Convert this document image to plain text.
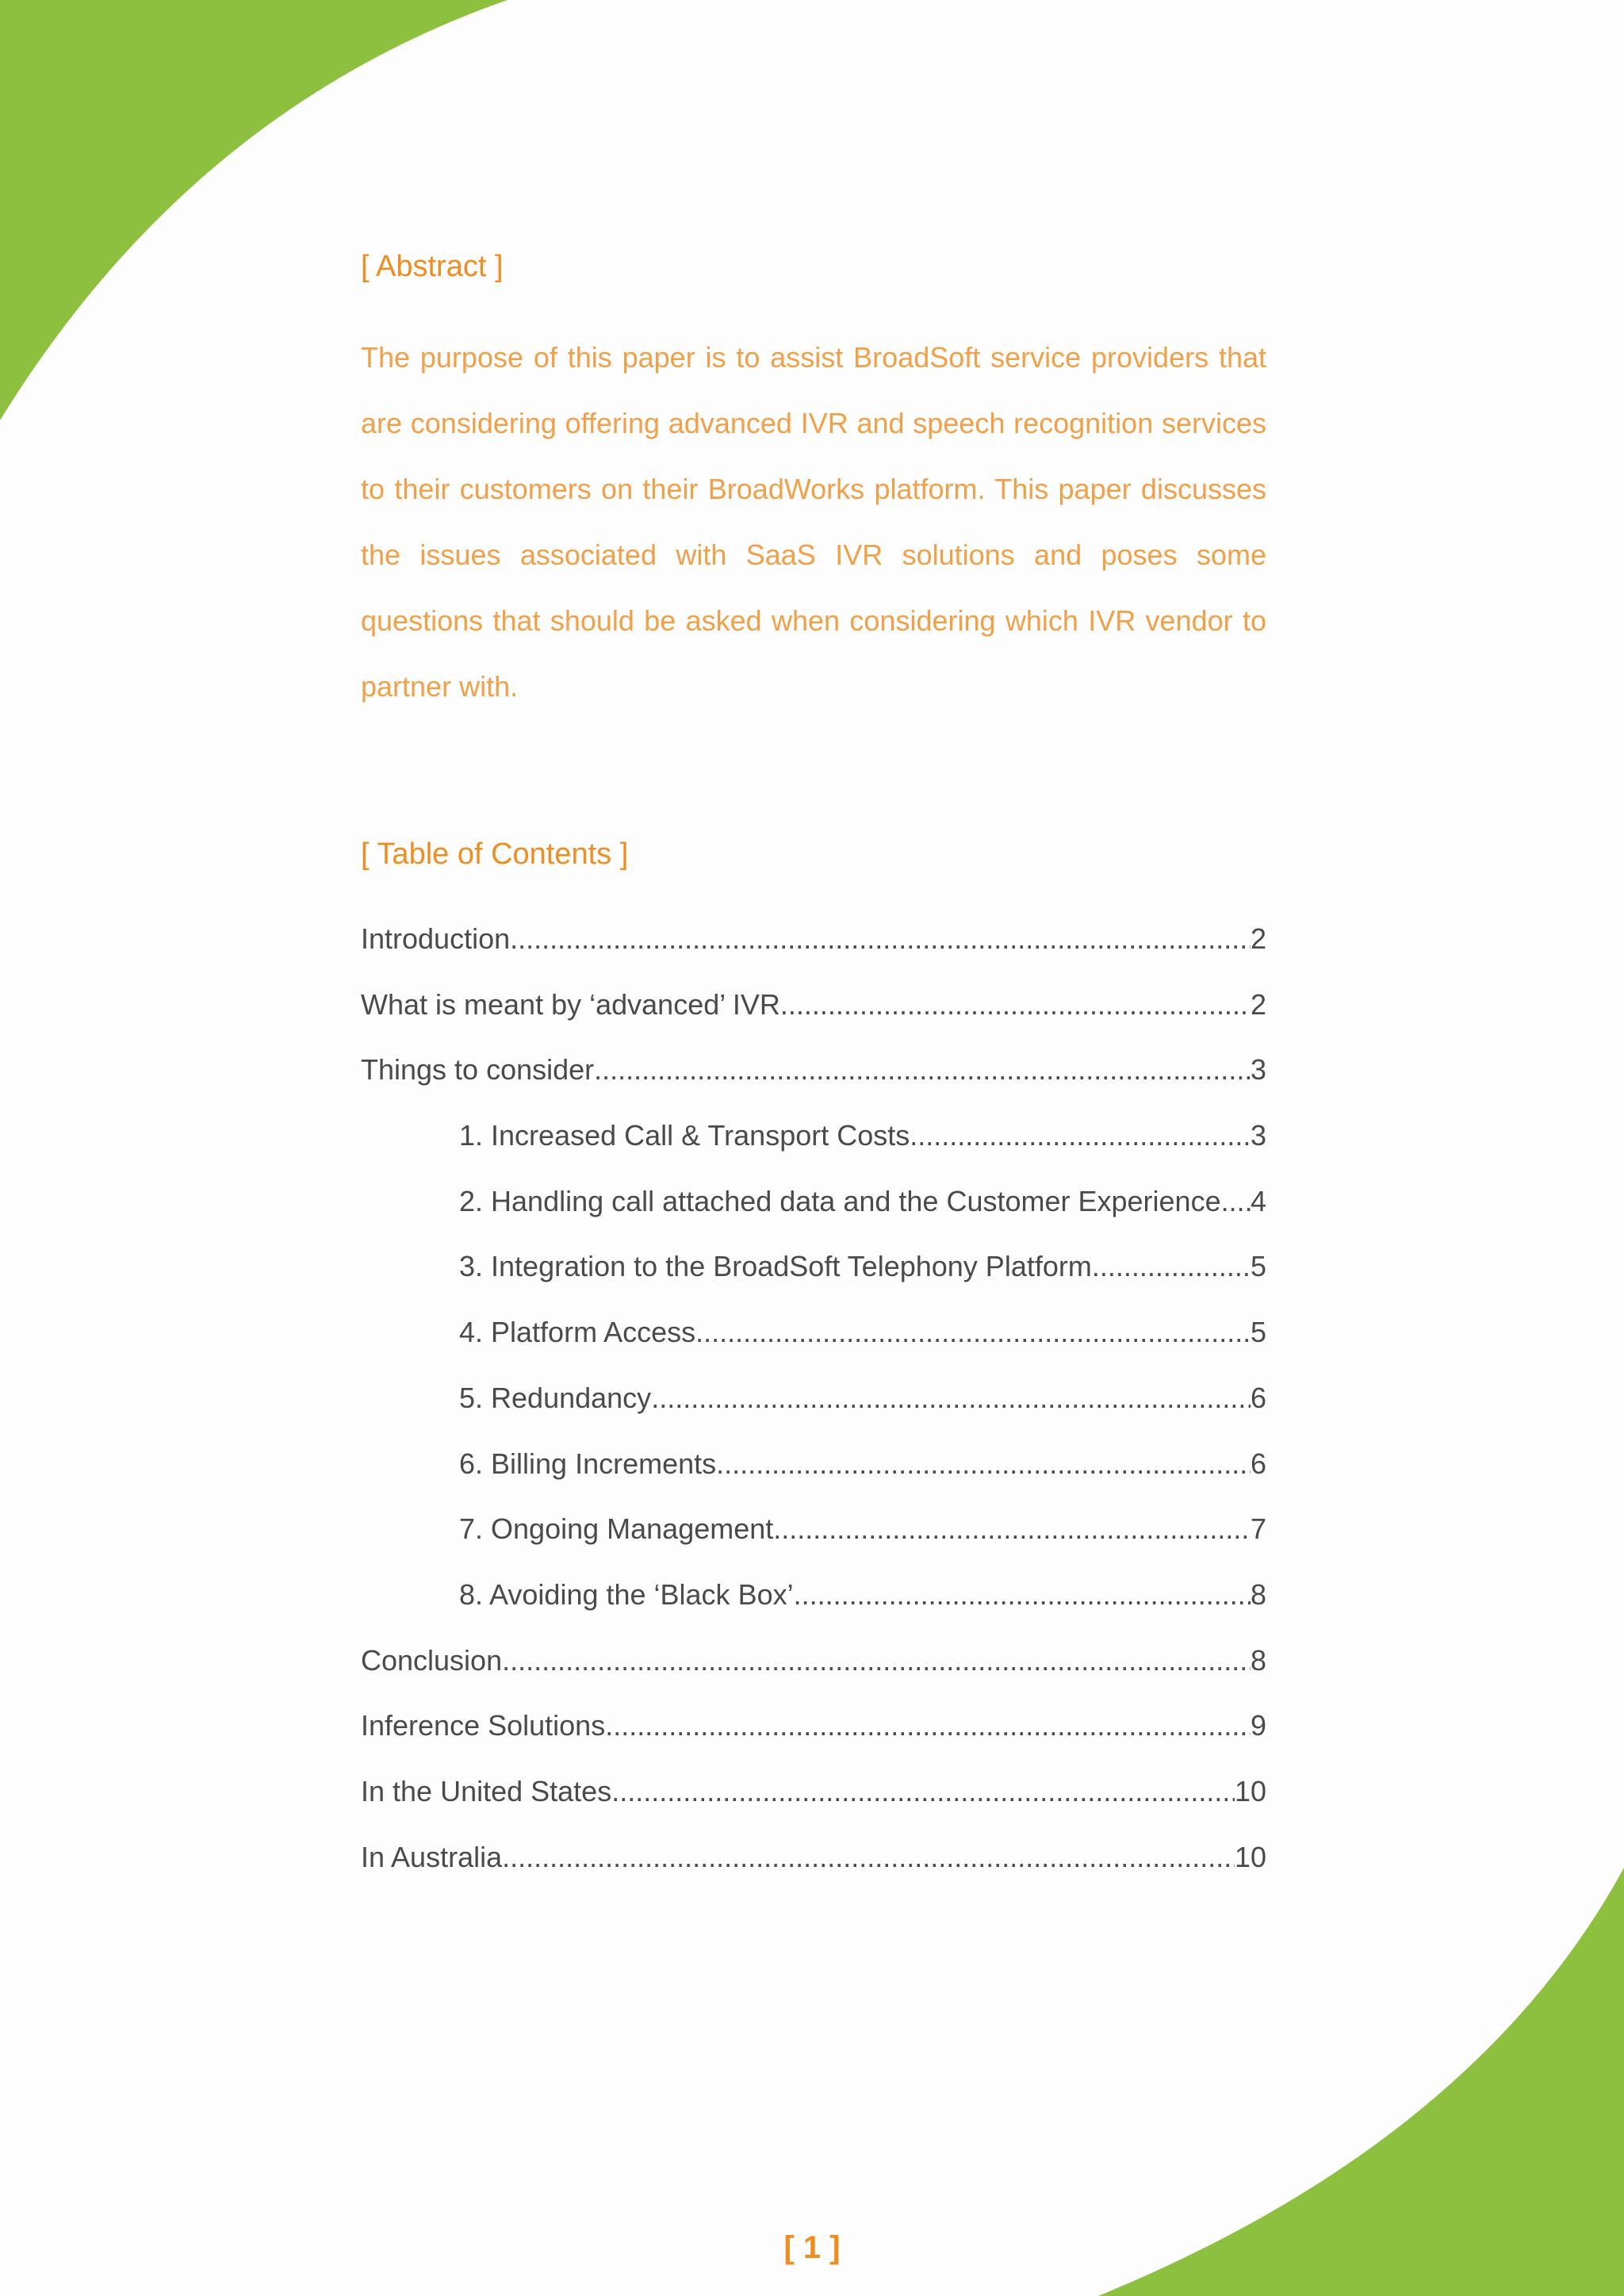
[ Abstract ]

The purpose of this paper is to assist BroadSoft service providers that are considering offering advanced IVR and speech recognition services to their customers on their BroadWorks platform. This paper discusses the issues associated with SaaS IVR solutions and poses some questions that should be asked when considering which IVR vendor to partner with.

[ Table of Contents ]
Introduction .....	2
What is meant by ‘advanced’ IVR .....	2
Things to consider .....	3
1. Increased Call & Transport Costs .....	3
2. Handling call attached data and the Customer Experience ..... 4
3. Integration to the BroadSoft Telephony Platform .....	5
4. Platform Access .....	5
5. Redundancy .....	6
6. Billing Increments .....	6
7. Ongoing Management .....	7
8. Avoiding the ‘Black Box’ .....	8
Conclusion .....	8
Inference Solutions .....	9
In the United States .....	10
In Australia .....	10
[ 1 ]
